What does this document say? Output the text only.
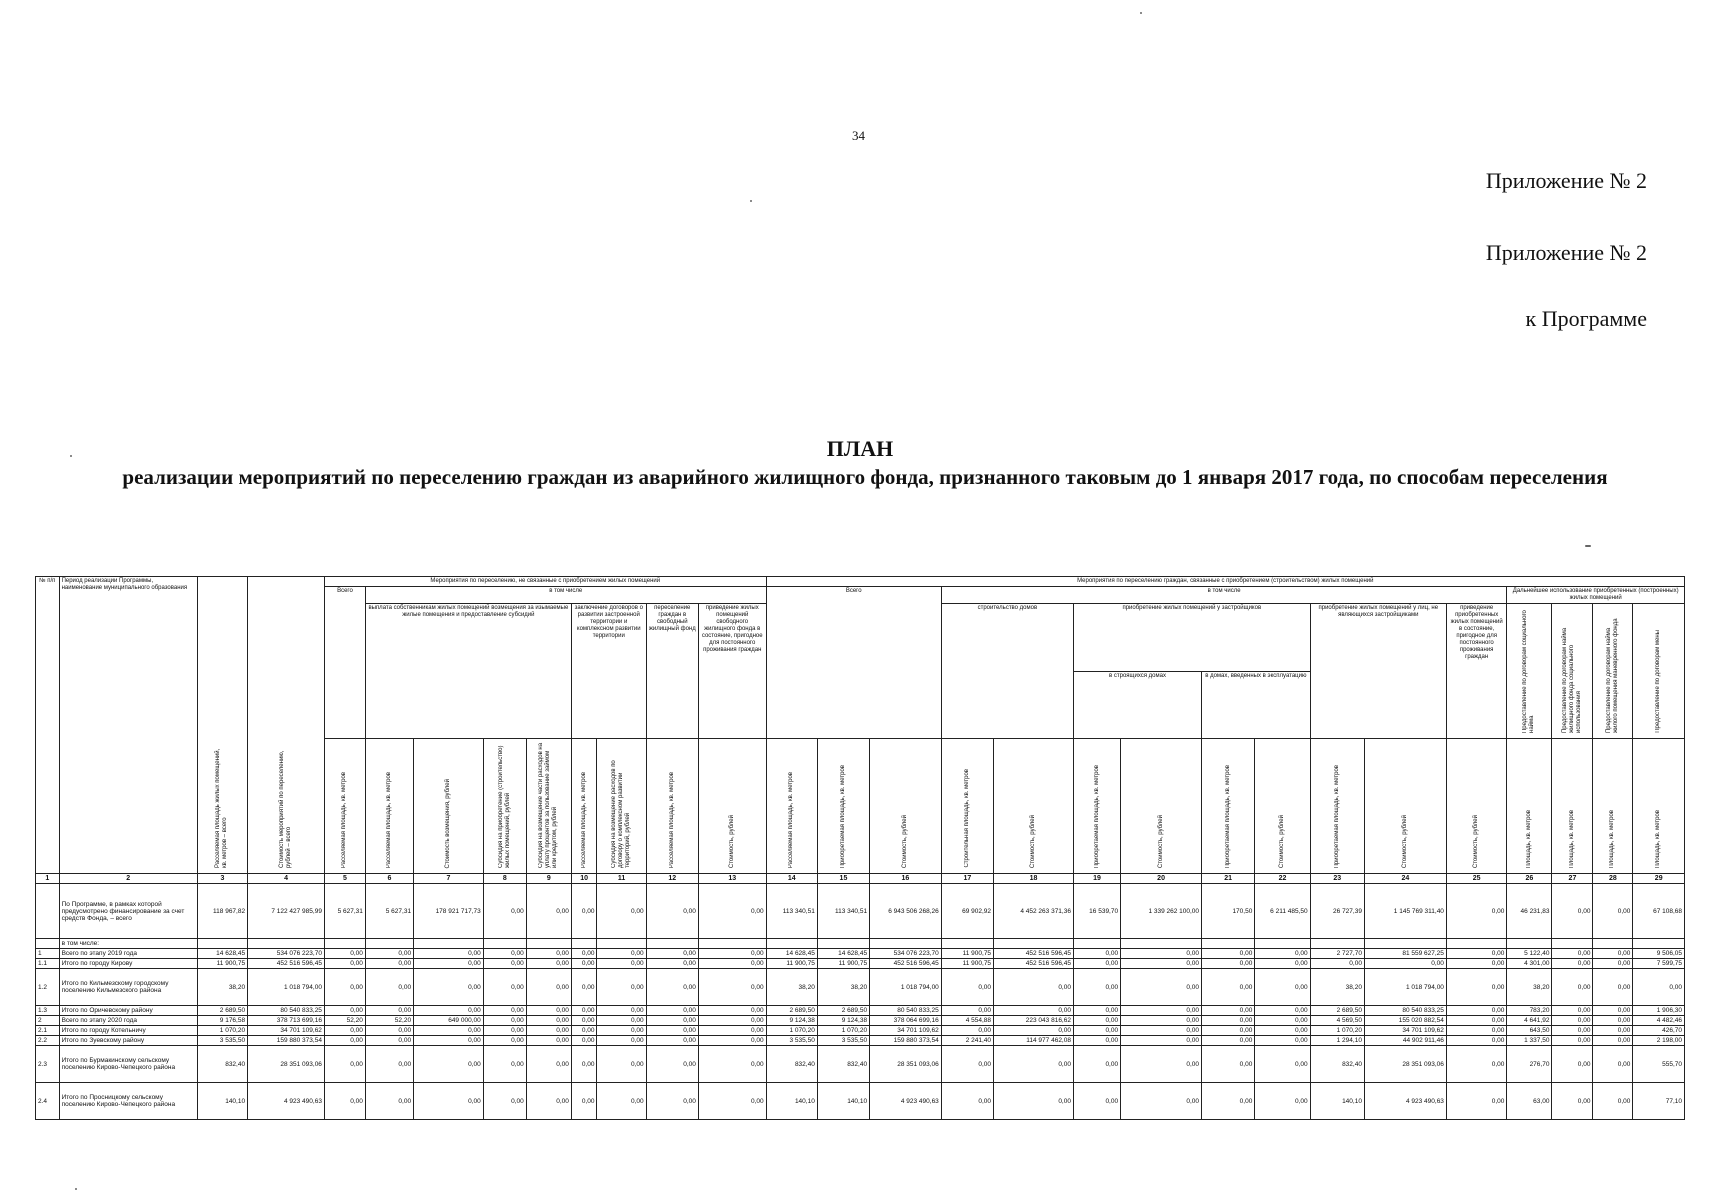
34
Приложение № 2
Приложение № 2
к Программе
ПЛАН
реализации мероприятий по переселению граждан из аварийного жилищного фонда, признанного таковым до 1 января 2017 года, по способам переселения
№ п/п	Период реализации Программы, наименование муниципального образования	Расселяемая площадь жилых помещений, кв. метров – всего	Стоимость мероприятий по переселению, рублей – всего	Мероприятия по переселению, не связанные с приобретением жилых помещений									Мероприятия по переселению граждан, связанные с приобретением (строительством) жилых помещений															
				Всего	в том числе								Всего			в том числе									Дальнейшее использование приобретенных (построенных) жилых помещений			
					выплата собственникам жилых помещений возмещения за изымаемые жилые помещения и предоставление субсидий				заключение договоров о развитии застроенной территории и комплексном развитии территории		переселение граждан в свободный жилищный фонд	приведение жилых помещений свободного жилищного фонда в состояние, пригодное для постоянного проживания граждан				строительство домов		приобретение жилых помещений у застройщиков				приобретение жилых помещений у лиц, не являющихся застройщиками		приведение приобретенных жилых помещений в состояние, пригодное для постоянного проживания граждан	Предоставление по договорам социального найма	Предоставление по договорам найма жилищного фонда социального использования	Предоставление по договорам найма жилого помещения маневренного фонда	Предоставление по договорам мены
																		в строящихся домах		в домах, введенных в эксплуатацию								
				Расселяемая площадь, кв. метров	Расселяемая площадь, кв. метров	Стоимость возмещения, рублей	Субсидия на приобретение (строительство) жилых помещений, рублей	Субсидия на возмещение части расходов на уплату процентов за пользование займом или кредитом, рублей	Расселяемая площадь, кв. метров	Субсидия на возмещение расходов по договору о комплексном развитии территорий, рублей	Расселяемая площадь, кв. метров	Стоимость, рублей	Расселяемая площадь, кв. метров	Приобретаемая площадь, кв. метров	Стоимость, рублей	Строительная площадь, кв. метров	Стоимость, рублей	Приобретаемая площадь, кв. метров	Стоимость, рублей	Приобретаемая площадь, кв. метров	Стоимость, рублей	Приобретаемая площадь, кв. метров	Стоимость, рублей	Стоимость, рублей	Площадь, кв. метров	Площадь, кв. метров	Площадь, кв. метров	Площадь, кв. метров
1	2	3	4	5	6	7	8	9	10	11	12	13	14	15	16	17	18	19	20	21	22	23	24	25	26	27	28	29
	По Программе, в рамках которой предусмотрено финансирование за счет средств Фонда, – всего	118 967,82	7 122 427 985,99	5 627,31	5 627,31	178 921 717,73	0,00	0,00	0,00	0,00	0,00	0,00	113 340,51	113 340,51	6 943 506 268,26	69 902,92	4 452 263 371,36	16 539,70	1 339 262 100,00	170,50	6 211 485,50	26 727,39	1 145 769 311,40	0,00	46 231,83	0,00	0,00	67 108,68
	в том числе:																											
1	Всего по этапу 2019 года	14 628,45	534 076 223,70	0,00	0,00	0,00	0,00	0,00	0,00	0,00	0,00	0,00	14 628,45	14 628,45	534 076 223,70	11 900,75	452 516 596,45	0,00	0,00	0,00	0,00	2 727,70	81 559 627,25	0,00	5 122,40	0,00	0,00	9 506,05
1.1	Итого по городу Кирову	11 900,75	452 516 596,45	0,00	0,00	0,00	0,00	0,00	0,00	0,00	0,00	0,00	11 900,75	11 900,75	452 516 596,45	11 900,75	452 516 596,45	0,00	0,00	0,00	0,00	0,00	0,00	0,00	4 301,00	0,00	0,00	7 599,75
1.2	Итого по Кильмезскому городскому поселению Кильмезского района	38,20	1 018 794,00	0,00	0,00	0,00	0,00	0,00	0,00	0,00	0,00	0,00	38,20	38,20	1 018 794,00	0,00	0,00	0,00	0,00	0,00	0,00	38,20	1 018 794,00	0,00	38,20	0,00	0,00	0,00
1.3	Итого по Оричевскому району	2 689,50	80 540 833,25	0,00	0,00	0,00	0,00	0,00	0,00	0,00	0,00	0,00	2 689,50	2 689,50	80 540 833,25	0,00	0,00	0,00	0,00	0,00	0,00	2 689,50	80 540 833,25	0,00	783,20	0,00	0,00	1 906,30
2	Всего по этапу 2020 года	9 176,58	378 713 699,16	52,20	52,20	649 000,00	0,00	0,00	0,00	0,00	0,00	0,00	9 124,38	9 124,38	378 064 699,16	4 554,88	223 043 816,62	0,00	0,00	0,00	0,00	4 569,50	155 020 882,54	0,00	4 641,92	0,00	0,00	4 482,46
2.1	Итого по городу Котельничу	1 070,20	34 701 109,62	0,00	0,00	0,00	0,00	0,00	0,00	0,00	0,00	0,00	1 070,20	1 070,20	34 701 109,62	0,00	0,00	0,00	0,00	0,00	0,00	1 070,20	34 701 109,62	0,00	643,50	0,00	0,00	426,70
2.2	Итого по Зуевскому району	3 535,50	159 880 373,54	0,00	0,00	0,00	0,00	0,00	0,00	0,00	0,00	0,00	3 535,50	3 535,50	159 880 373,54	2 241,40	114 977 462,08	0,00	0,00	0,00	0,00	1 294,10	44 902 911,46	0,00	1 337,50	0,00	0,00	2 198,00
2.3	Итого по Бурмакинскому сельскому поселению Кирово-Чепецкого района	832,40	28 351 093,06	0,00	0,00	0,00	0,00	0,00	0,00	0,00	0,00	0,00	832,40	832,40	28 351 093,06	0,00	0,00	0,00	0,00	0,00	0,00	832,40	28 351 093,06	0,00	276,70	0,00	0,00	555,70
2.4	Итого по Просницкому сельскому поселению Кирово-Чепецкого района	140,10	4 923 490,63	0,00	0,00	0,00	0,00	0,00	0,00	0,00	0,00	0,00	140,10	140,10	4 923 490,63	0,00	0,00	0,00	0,00	0,00	0,00	140,10	4 923 490,63	0,00	63,00	0,00	0,00	77,10
